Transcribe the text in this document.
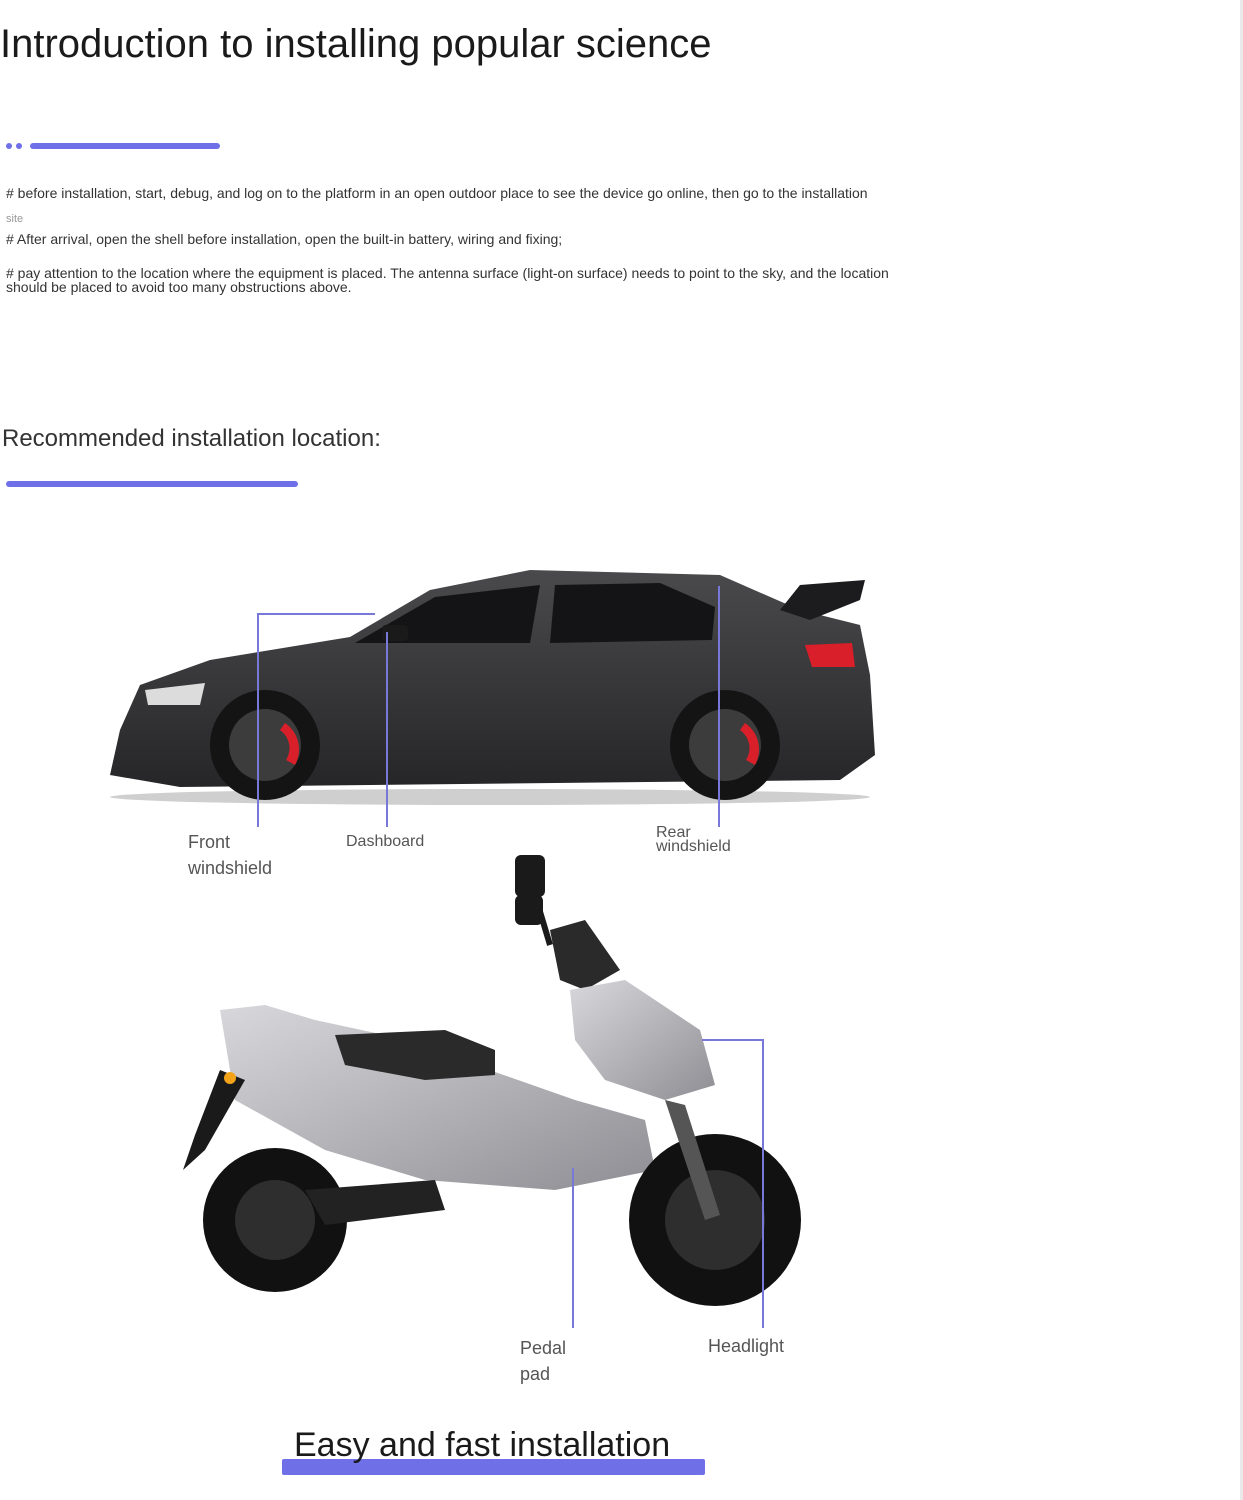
Introduction to installing popular science
# before installation, start, debug, and log on to the platform in an open outdoor place to see the device go online, then go to the installation
site
# After arrival, open the shell before installation, open the built-in battery, wiring and fixing;
# pay attention to the location where the equipment is placed. The antenna surface (light-on surface) needs to point to the sky, and the location should be placed to avoid too many obstructions above.
Recommended installation location:
Front
windshield
Dashboard
Rear
windshield
Pedal
pad
Headlight
Easy and fast installation
